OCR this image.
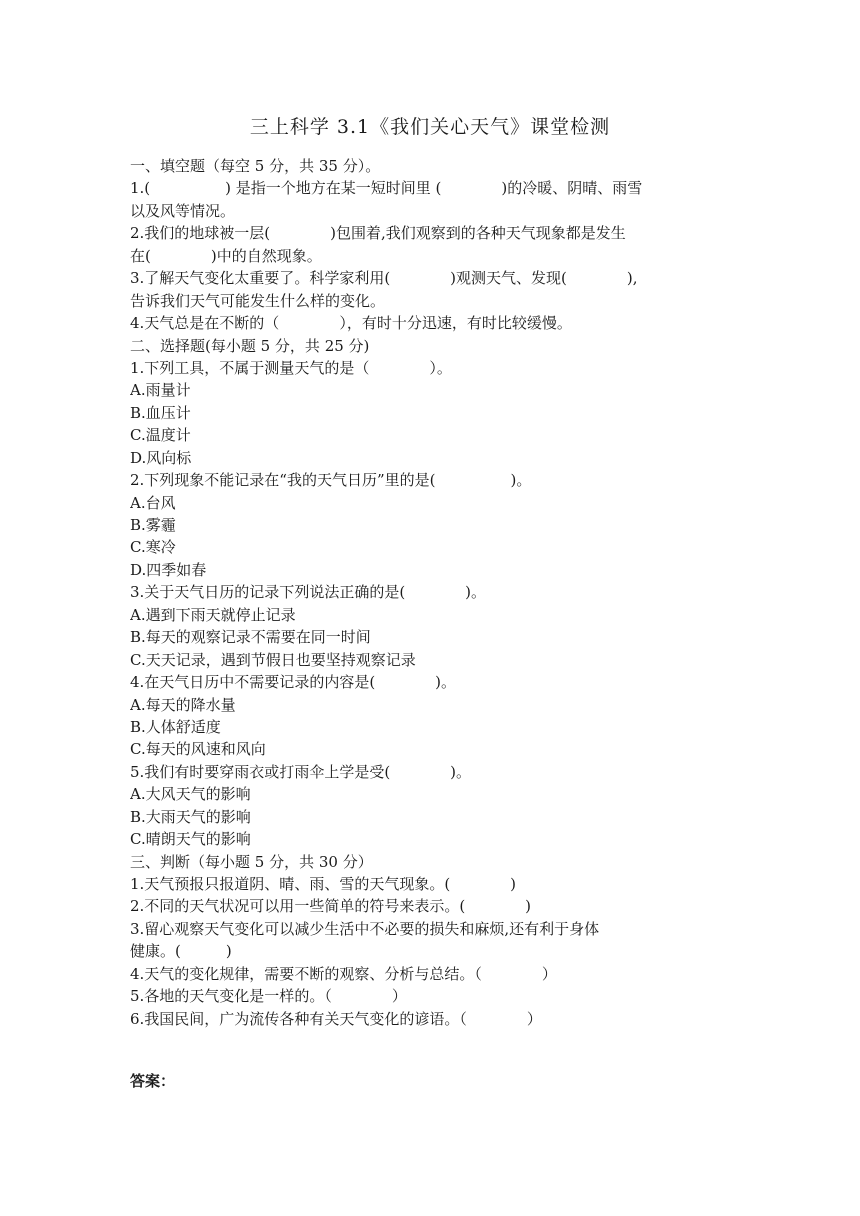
三上科学 3.1《我们关心天气》课堂检测
一、填空题（每空 5 分，共 35 分）。
1.(　　　　　) 是指一个地方在某一短时间里 (　　　　)的冷暖、阴晴、雨雪
以及风等情况。
2.我们的地球被一层(　　　　)包围着,我们观察到的各种天气现象都是发生
在(　　　　)中的自然现象。
3.了解天气变化太重要了。科学家利用(　　　　)观测天气、发现(　　　　),
告诉我们天气可能发生什么样的变化。
4.天气总是在不断的（　　　　），有时十分迅速，有时比较缓慢。
二、选择题(每小题 5 分，共 25 分)
1.下列工具，不属于测量天气的是（　　　　）。
A.雨量计
B.血压计
C.温度计
D.风向标
2.下列现象不能记录在“我的天气日历”里的是(　　　　　)。
A.台风
B.雾霾
C.寒冷
D.四季如春
3.关于天气日历的记录下列说法正确的是(　　　　)。
A.遇到下雨天就停止记录
B.每天的观察记录不需要在同一时间
C.天天记录，遇到节假日也要坚持观察记录
4.在天气日历中不需要记录的内容是(　　　　)。
A.每天的降水量
B.人体舒适度
C.每天的风速和风向
5.我们有时要穿雨衣或打雨伞上学是受(　　　　)。
A.大风天气的影响
B.大雨天气的影响
C.晴朗天气的影响
三、判断（每小题 5 分，共 30 分）
1.天气预报只报道阴、晴、雨、雪的天气现象。(　　　　)
2.不同的天气状况可以用一些简单的符号来表示。(　　　　)
3.留心观察天气变化可以减少生活中不必要的损失和麻烦,还有利于身体
健康。(　　　)
4.天气的变化规律，需要不断的观察、分析与总结。（　　　　）
5.各地的天气变化是一样的。（　　　　）
6.我国民间，广为流传各种有关天气变化的谚语。（　　　　）
答案：
